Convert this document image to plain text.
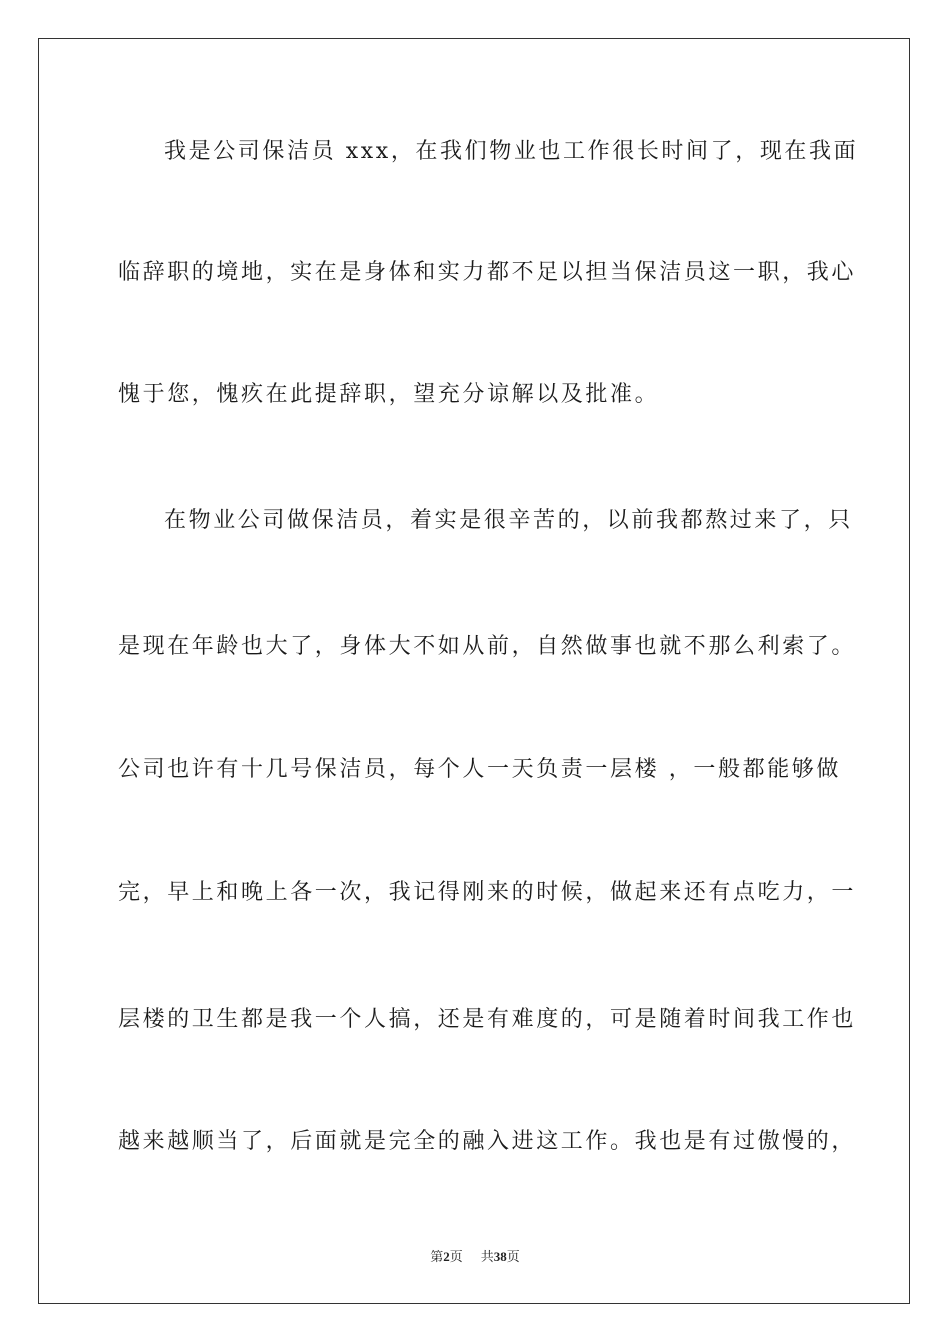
我是公司保洁员 xxx，在我们物业也工作很长时间了，现在我面
临辞职的境地，实在是身体和实力都不足以担当保洁员这一职，我心
愧于您，愧疚在此提辞职，望充分谅解以及批准。
在物业公司做保洁员，着实是很辛苦的，以前我都熬过来了，只
是现在年龄也大了，身体大不如从前，自然做事也就不那么利索了。
公司也许有十几号保洁员，每个人一天负责一层楼 ，一般都能够做
完，早上和晚上各一次，我记得刚来的时候，做起来还有点吃力，一
层楼的卫生都是我一个人搞，还是有难度的，可是随着时间我工作也
越来越顺当了，后面就是完全的融入进这工作。我也是有过傲慢的，
第2页 共38页
